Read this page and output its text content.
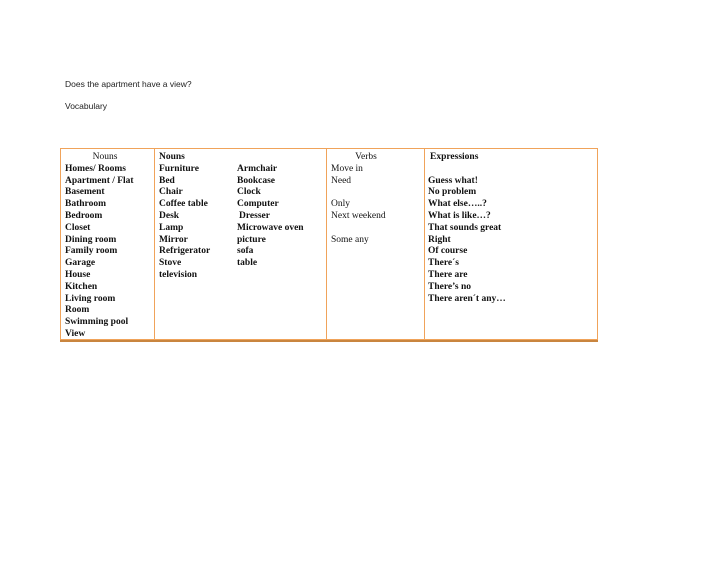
Does the apartment have a view?
Vocabulary
Nouns
Homes/ Rooms
Apartment / Flat
Basement
Bathroom
Bedroom
Closet
Dining room
Family room
Garage
House
Kitchen
Living room
Room
Swimming pool
View
Nouns
Furniture
Bed
Chair
Coffee table
Desk
Lamp
Mirror
Refrigerator
Stove
television
Armchair
Bookcase
Clock
Computer
Dresser
Microwave oven
picture
sofa
table
Verbs
Move in
Need
Only
Next weekend
Some any
Expressions
Guess what!
No problem
What else…..?
What is like…?
That sounds great
Right
Of course
There´s
There are
There’s no
There aren´t any…
